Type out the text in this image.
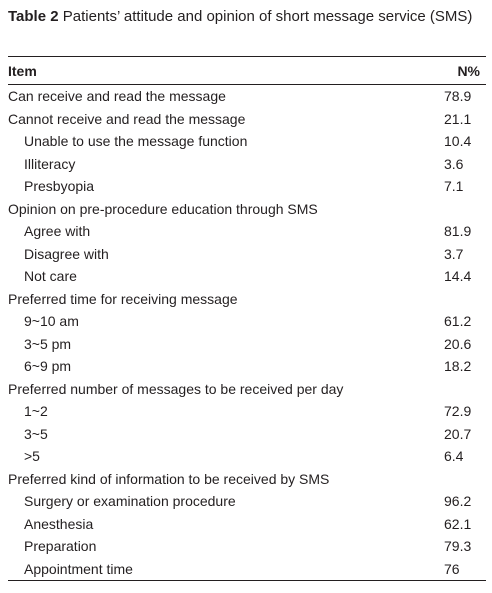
Table 2 Patients’ attitude and opinion of short message service (SMS)
Item	N%
Can receive and read the message	78.9
Cannot receive and read the message	21.1
Unable to use the message function	10.4
Illiteracy	3.6
Presbyopia	7.1
Opinion on pre-procedure education through SMS
Agree with	81.9
Disagree with	3.7
Not care	14.4
Preferred time for receiving message
9~10 am	61.2
3~5 pm	20.6
6~9 pm	18.2
Preferred number of messages to be received per day
1~2	72.9
3~5	20.7
>5	6.4
Preferred kind of information to be received by SMS
Surgery or examination procedure	96.2
Anesthesia	62.1
Preparation	79.3
Appointment time	76
